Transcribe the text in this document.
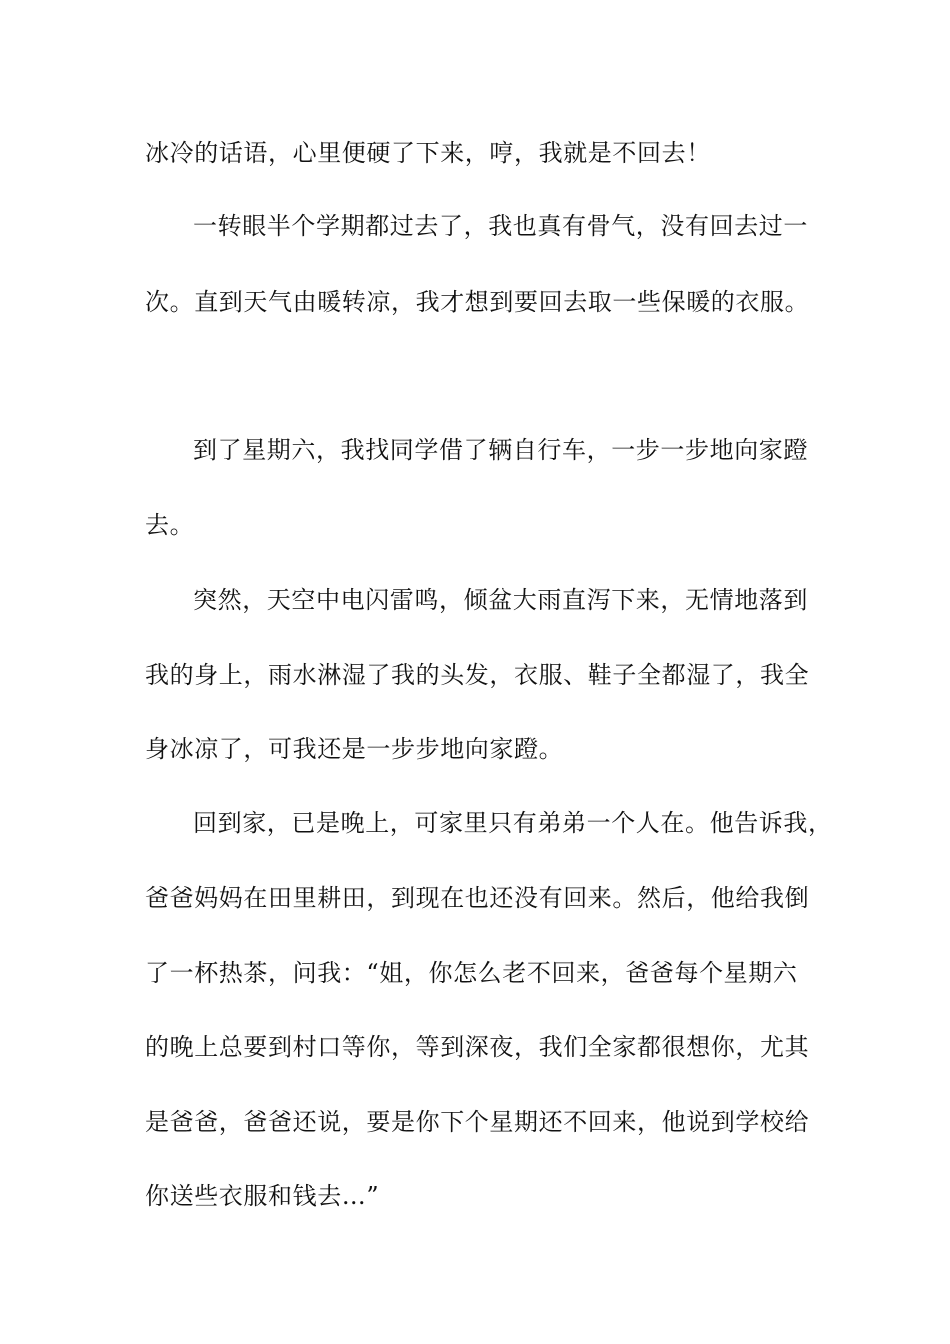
冰冷的话语，心里便硬了下来，哼，我就是不回去！
一转眼半个学期都过去了，我也真有骨气，没有回去过一
次。直到天气由暖转凉，我才想到要回去取一些保暖的衣服。
到了星期六，我找同学借了辆自行车，一步一步地向家蹬
去。
突然，天空中电闪雷鸣，倾盆大雨直泻下来，无情地落到
我的身上，雨水淋湿了我的头发，衣服、鞋子全都湿了，我全
身冰凉了，可我还是一步步地向家蹬。
回到家，已是晚上，可家里只有弟弟一个人在。他告诉我，
爸爸妈妈在田里耕田，到现在也还没有回来。然后，他给我倒
了一杯热茶，问我：“姐，你怎么老不回来，爸爸每个星期六
的晚上总要到村口等你，等到深夜，我们全家都很想你，尤其
是爸爸，爸爸还说，要是你下个星期还不回来，他说到学校给
你送些衣服和钱去…”
